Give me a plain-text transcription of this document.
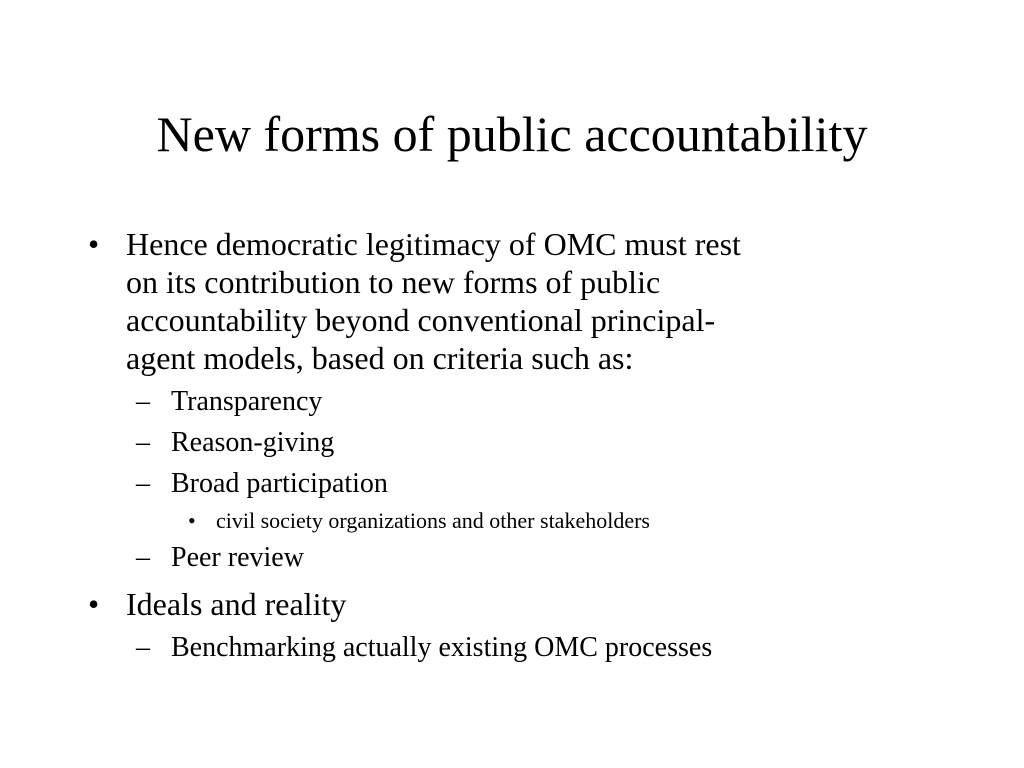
New forms of public accountability
• Hence democratic legitimacy of OMC must rest
on its contribution to new forms of public
accountability beyond conventional principal-
agent models, based on criteria such as:
– Transparency
– Reason-giving
– Broad participation
• civil society organizations and other stakeholders
– Peer review
• Ideals and reality
– Benchmarking actually existing OMC processes
